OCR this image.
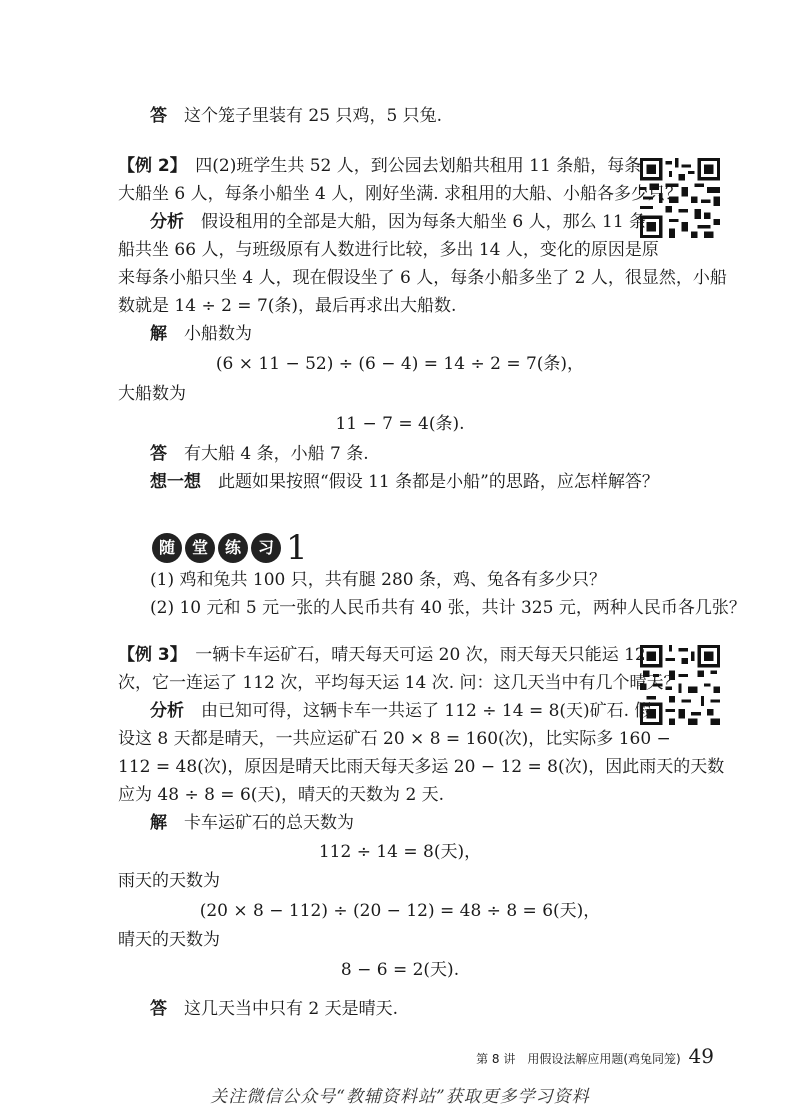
答　这个笼子里装有 25 只鸡，5 只兔.
【例 2】　四(2)班学生共 52 人，到公园去划船共租用 11 条船，每条
大船坐 6 人，每条小船坐 4 人，刚好坐满. 求租用的大船、小船各多少只？
分析　假设租用的全部是大船，因为每条大船坐 6 人，那么 11 条
船共坐 66 人，与班级原有人数进行比较，多出 14 人，变化的原因是原
来每条小船只坐 4 人，现在假设坐了 6 人，每条小船多坐了 2 人，很显然，小船
数就是 14 ÷ 2 = 7(条)，最后再求出大船数.
解　小船数为
(6 × 11 − 52) ÷ (6 − 4) = 14 ÷ 2 = 7(条)，
大船数为
11 − 7 = 4(条).
答　有大船 4 条，小船 7 条.
想一想　此题如果按照“假设 11 条都是小船”的思路，应怎样解答？
随	堂	练	习 1
(1) 鸡和兔共 100 只，共有腿 280 条，鸡、兔各有多少只？
(2) 10 元和 5 元一张的人民币共有 40 张，共计 325 元，两种人民币各几张？
【例 3】　一辆卡车运矿石，晴天每天可运 20 次，雨天每天只能运 12
次，它一连运了 112 次，平均每天运 14 次. 问：这几天当中有几个晴天？
分析　由已知可得，这辆卡车一共运了 112 ÷ 14 = 8(天)矿石. 假
设这 8 天都是晴天，一共应运矿石 20 × 8 = 160(次)，比实际多 160 −
112 = 48(次)，原因是晴天比雨天每天多运 20 − 12 = 8(次)，因此雨天的天数
应为 48 ÷ 8 = 6(天)，晴天的天数为 2 天.
解　卡车运矿石的总天数为
112 ÷ 14 = 8(天)，
雨天的天数为
(20 × 8 − 112) ÷ (20 − 12) = 48 ÷ 8 = 6(天)，
晴天的天数为
8 − 6 = 2(天).
答　这几天当中只有 2 天是晴天.
第 8 讲　用假设法解应用题(鸡兔同笼) 49
关注微信公众号“教辅资料站”获取更多学习资料
